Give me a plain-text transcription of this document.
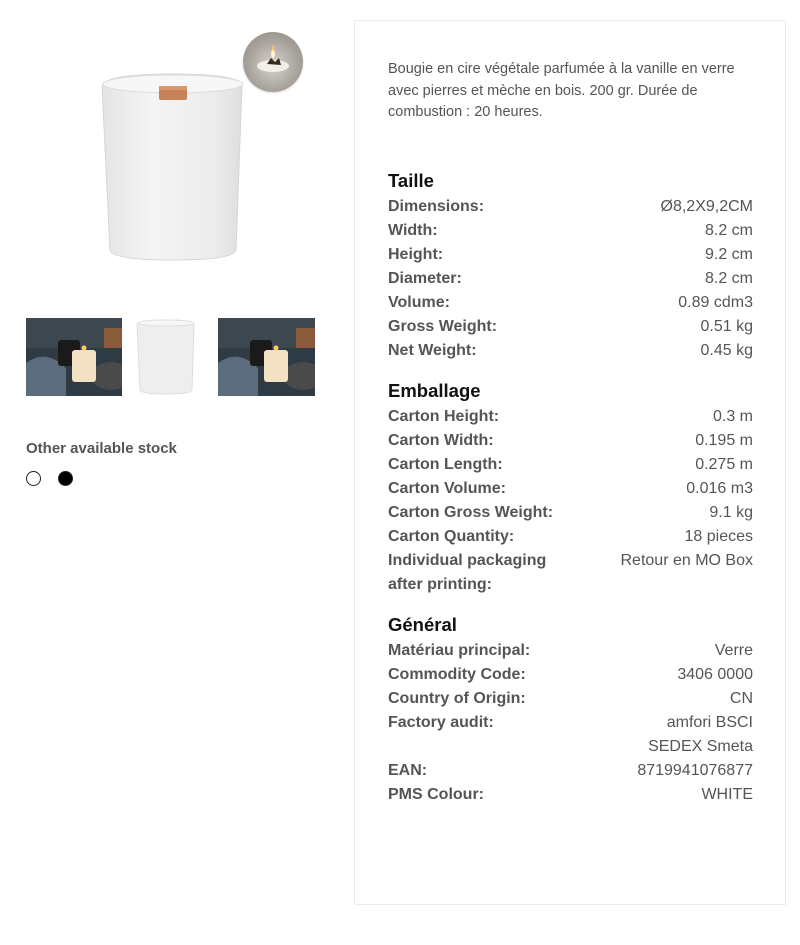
Other available stock
Bougie en cire végétale parfumée à la vanille en verre avec pierres et mèche en bois. 200 gr. Durée de combustion : 20 heures.
Taille
Dimensions:	Ø8,2X9,2CM
Width:	8.2 cm
Height:	9.2 cm
Diameter:	8.2 cm
Volume:	0.89 cdm3
Gross Weight:	0.51 kg
Net Weight:	0.45 kg
Emballage
Carton Height:	0.3 m
Carton Width:	0.195 m
Carton Length:	0.275 m
Carton Volume:	0.016 m3
Carton Gross Weight:	9.1 kg
Carton Quantity:	18 pieces
Individual packaging after printing:
Retour en MO Box
Général
Matériau principal:	Verre
Commodity Code:	3406 0000
Country of Origin:	CN
Factory audit:	amfori BSCI
SEDEX Smeta
EAN:	8719941076877
PMS Colour:	WHITE
